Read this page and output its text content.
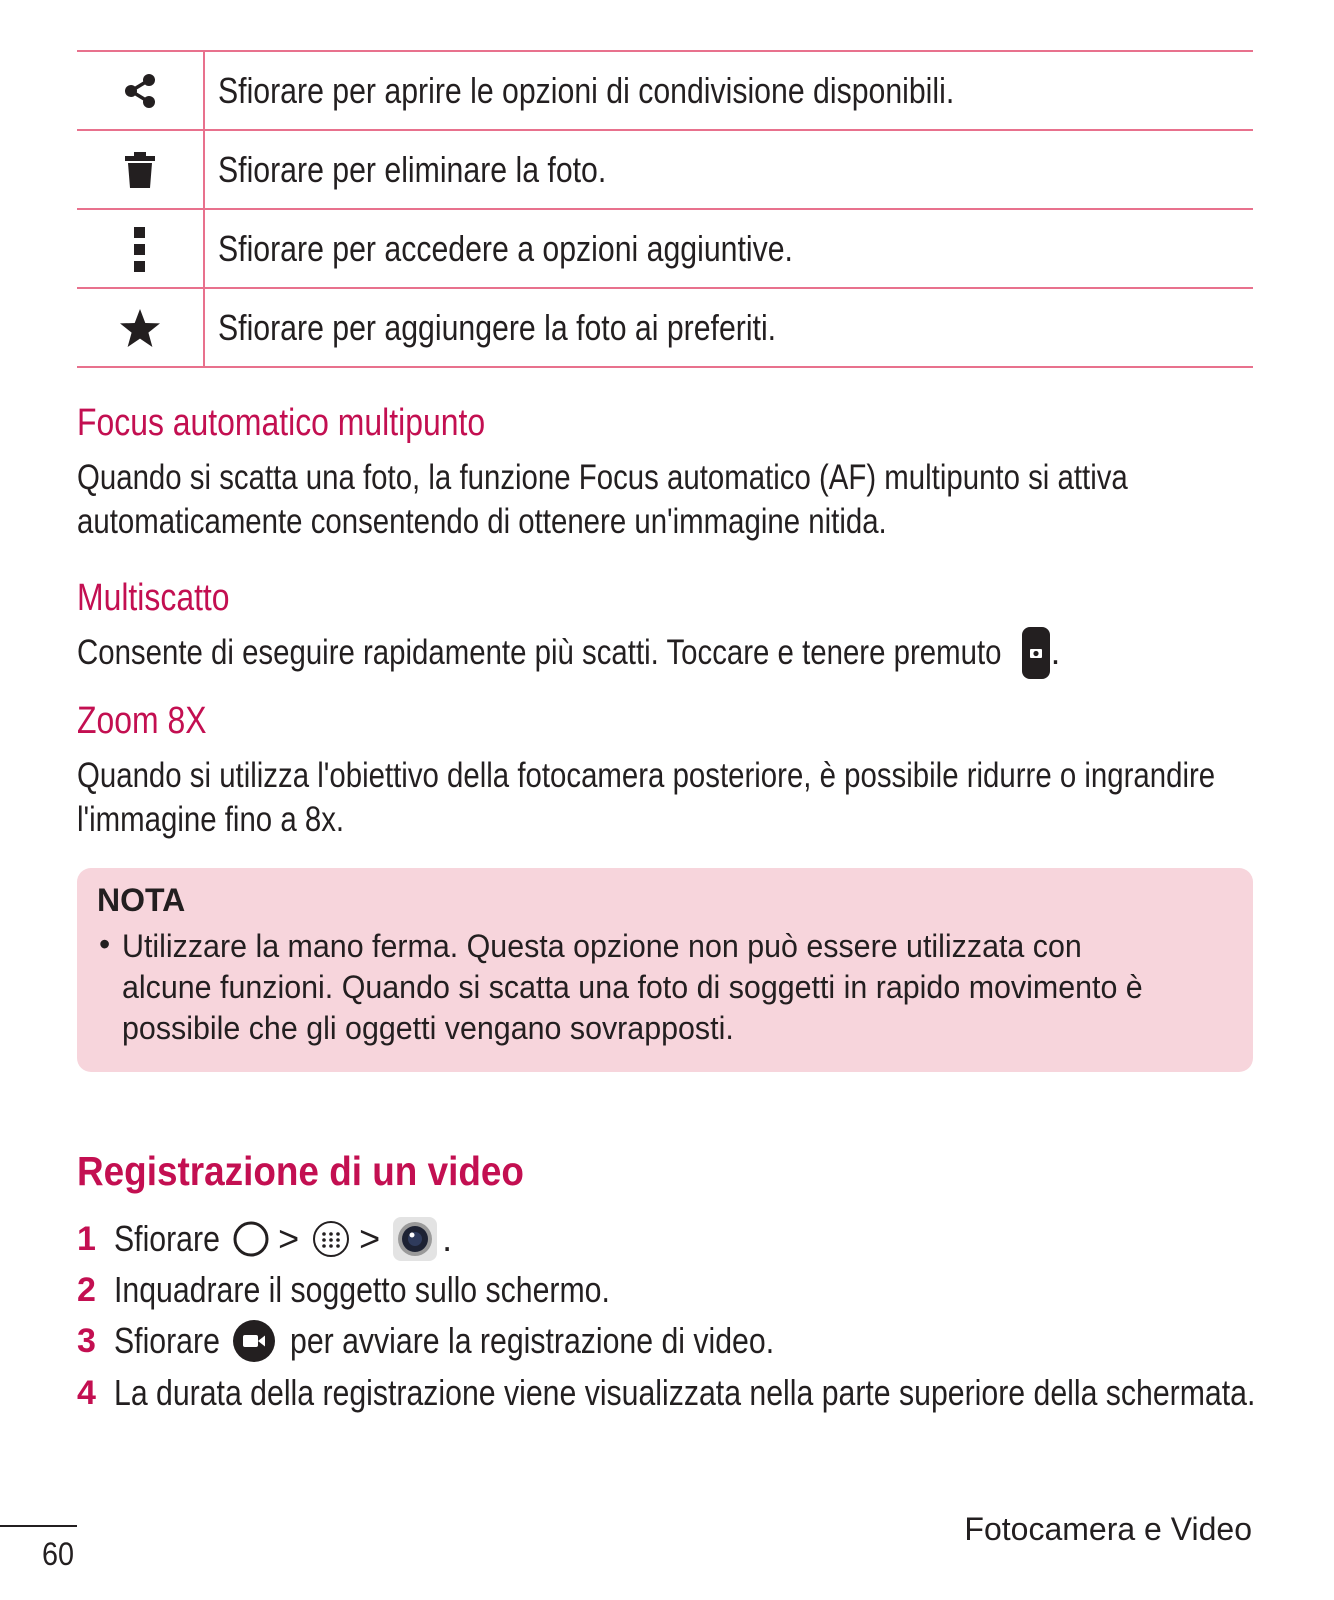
Sfiorare per aprire le opzioni di condivisione disponibili.
Sfiorare per eliminare la foto.
Sfiorare per accedere a opzioni aggiuntive.
Sfiorare per aggiungere la foto ai preferiti.
Focus automatico multipunto
Quando si scatta una foto, la funzione Focus automatico (AF) multipunto si attiva
automaticamente consentendo di ottenere un'immagine nitida.
Multiscatto
Consente di eseguire rapidamente più scatti. Toccare e tenere premuto .
Zoom 8X
Quando si utilizza l'obiettivo della fotocamera posteriore, è possibile ridurre o ingrandire
l'immagine fino a 8x.
NOTA
• Utilizzare la mano ferma. Questa opzione non può essere utilizzata con
alcune funzioni. Quando si scatta una foto di soggetti in rapido movimento è
possibile che gli oggetti vengano sovrapposti.
Registrazione di un video
1 Sfiorare > > .
2 Inquadrare il soggetto sullo schermo.
3 Sfiorare per avviare la registrazione di video.
4 La durata della registrazione viene visualizzata nella parte superiore della schermata.
60
Fotocamera e Video
